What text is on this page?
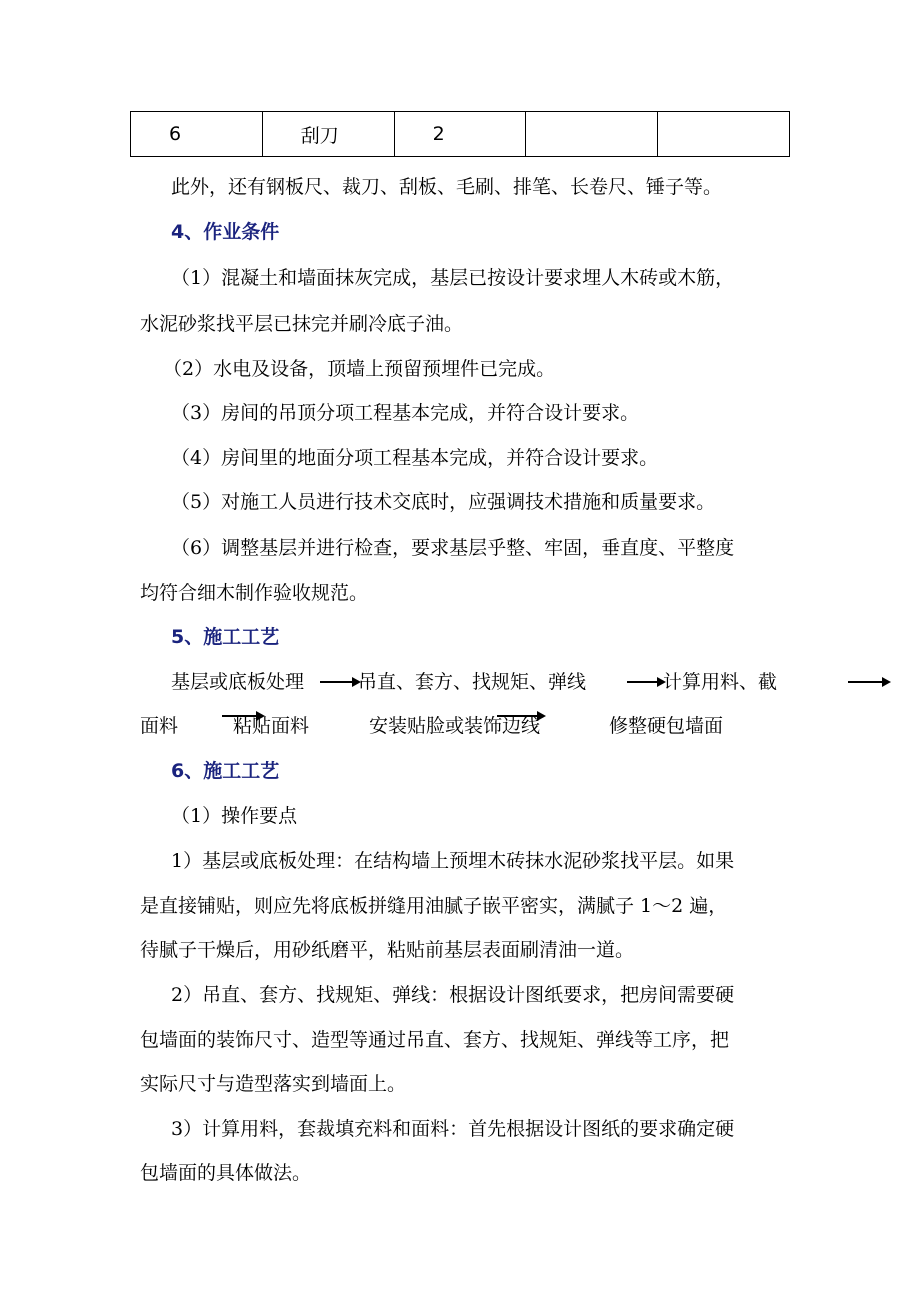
6	刮刀	2		
此外，还有钢板尺、裁刀、刮板、毛刷、排笔、长卷尺、锤子等。
4、作业条件
（1）混凝土和墙面抹灰完成，基层已按设计要求埋人木砖或木筋，
水泥砂浆找平层已抹完并刷冷底子油。
（2）水电及设备，顶墙上预留预埋件已完成。
（3）房间的吊顶分项工程基本完成，并符合设计要求。
（4）房间里的地面分项工程基本完成，并符合设计要求。
（5）对施工人员进行技术交底时，应强调技术措施和质量要求。
（6）调整基层并进行检查，要求基层乎整、牢固，垂直度、平整度
均符合细木制作验收规范。
5、施工工艺
基层或底板处理	吊直、套方、找规矩、弹线	计算用料、截
面料	粘贴面料	安装贴脸或装饰边线	修整硬包墙面
6、施工工艺
（1）操作要点
1）基层或底板处理：在结构墙上预埋木砖抹水泥砂浆找平层。如果
是直接铺贴，则应先将底板拼缝用油腻子嵌平密实，满腻子 1～2 遍，
待腻子干燥后，用砂纸磨平，粘贴前基层表面刷清油一道。
2）吊直、套方、找规矩、弹线：根据设计图纸要求，把房间需要硬
包墙面的装饰尺寸、造型等通过吊直、套方、找规矩、弹线等工序，把
实际尺寸与造型落实到墙面上。
3）计算用料，套裁填充料和面料：首先根据设计图纸的要求确定硬
包墙面的具体做法。
